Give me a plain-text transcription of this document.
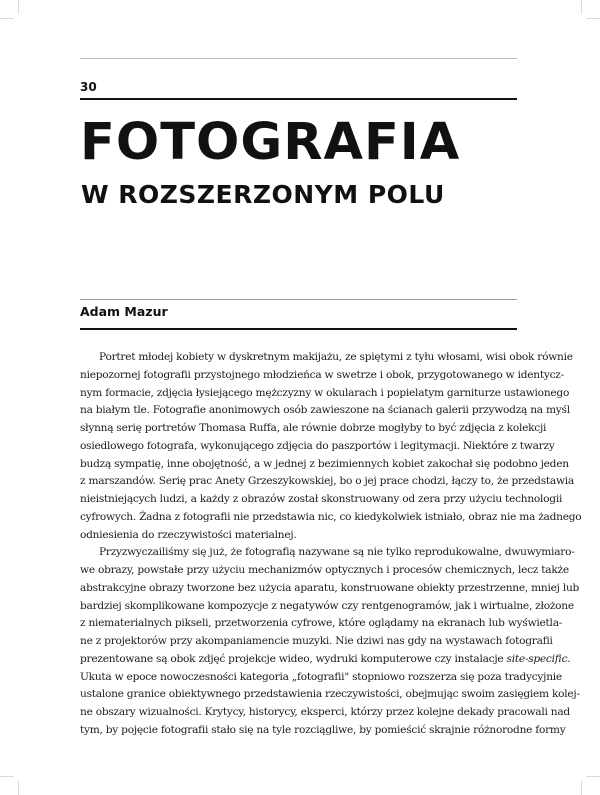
30
FOTOGRAFIA
W ROZSZERZONYM POLU
Adam Mazur
Portret młodej kobiety w dyskretnym makijażu, ze spiętymi z tyłu włosami, wisi obok równie
niepozornej fotografii przystojnego młodzieńca w swetrze i obok, przygotowanego w identycz-
nym formacie, zdjęcia łysiejącego mężczyzny w okularach i popielatym garniturze ustawionego
na białym tle. Fotografie anonimowych osób zawieszone na ścianach galerii przywodzą na myśl
słynną serię portretów Thomasa Ruffa, ale równie dobrze mogłyby to być zdjęcia z kolekcji
osiedlowego fotografa, wykonującego zdjęcia do paszportów i legitymacji. Niektóre z twarzy
budzą sympatię, inne obojętność, a w jednej z bezimiennych kobiet zakochał się podobno jeden
z marszandów. Serię prac Anety Grzeszykowskiej, bo o jej prace chodzi, łączy to, że przedstawia
nieistniejących ludzi, a każdy z obrazów został skonstruowany od zera przy użyciu technologii
cyfrowych. Żadna z fotografii nie przedstawia nic, co kiedykolwiek istniało, obraz nie ma żadnego
odniesienia do rzeczywistości materialnej.
Przyzwyczailiśmy się już, że fotografią nazywane są nie tylko reprodukowalne, dwuwymiaro-
we obrazy, powstałe przy użyciu mechanizmów optycznych i procesów chemicznych, lecz także
abstrakcyjne obrazy tworzone bez użycia aparatu, konstruowane obiekty przestrzenne, mniej lub
bardziej skomplikowane kompozycje z negatywów czy rentgenogramów, jak i wirtualne, złożone
z niematerialnych pikseli, przetworzenia cyfrowe, które oglądamy na ekranach lub wyświetla-
ne z projektorów przy akompaniamencie muzyki. Nie dziwi nas gdy na wystawach fotografii
prezentowane są obok zdjęć projekcje wideo, wydruki komputerowe czy instalacje site-specific.
Ukuta w epoce nowoczesności kategoria „fotografii" stopniowo rozszerza się poza tradycyjnie
ustalone granice obiektywnego przedstawienia rzeczywistości, obejmując swoim zasięgiem kolej-
ne obszary wizualności. Krytycy, historycy, eksperci, którzy przez kolejne dekady pracowali nad
tym, by pojęcie fotografii stało się na tyle rozciągliwe, by pomieścić skrajnie różnorodne formy
